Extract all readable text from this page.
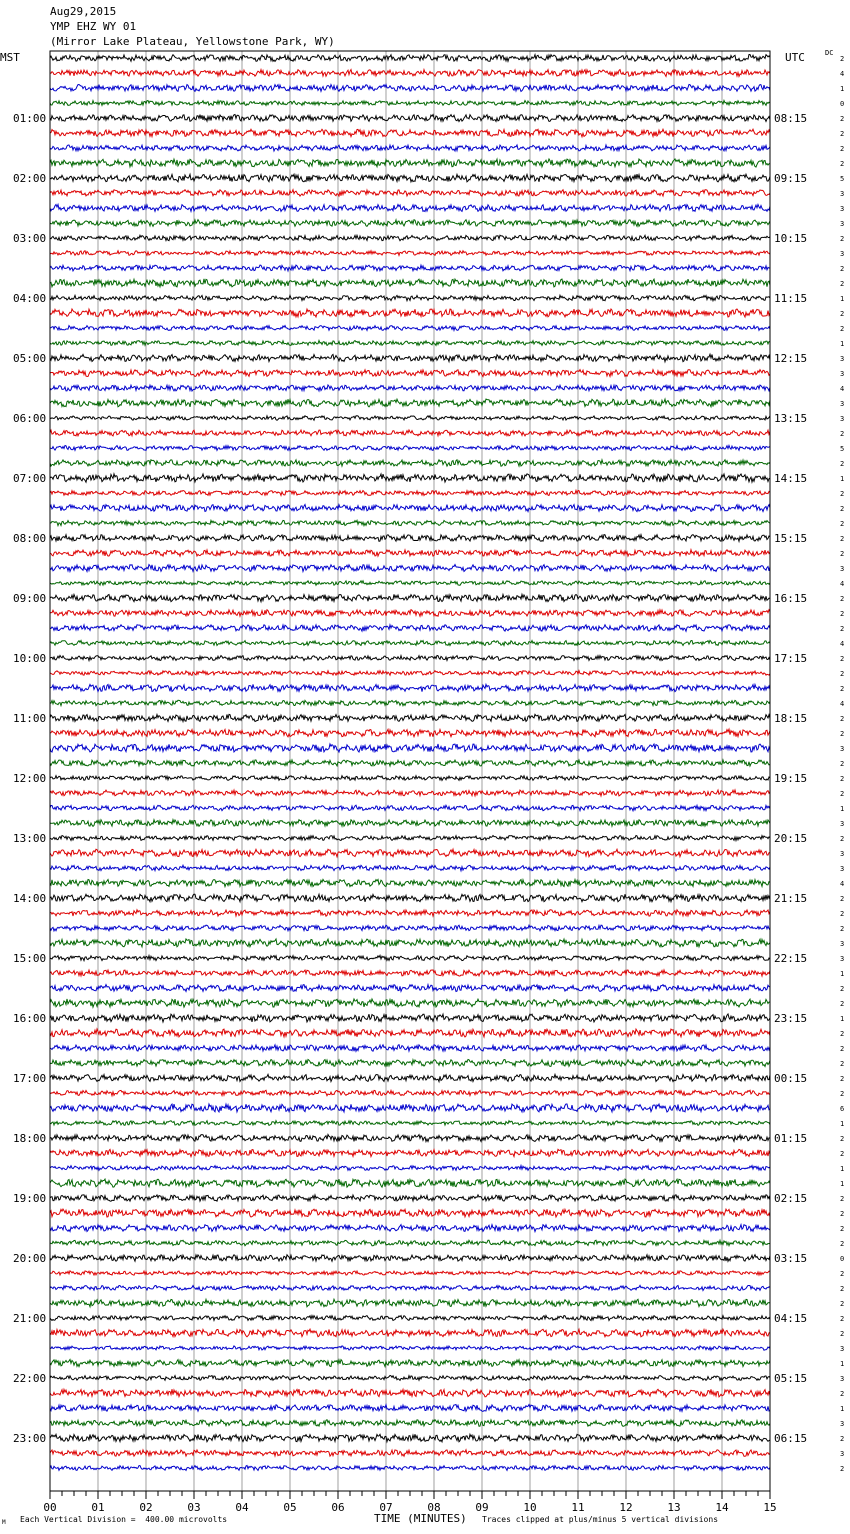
Aug29,2015
YMP EHZ WY 01
(Mirror Lake Plateau, Yellowstone Park, WY)
MST	UTC	DC
2
4
1
0
2
2
2
2
5
3
3
3
2
3
2
2
1
2
2
1
3
3
4
3
3
2
5
2
1
2
2
2
2
2
3
4
2
2
2
4
2
2
2
4
2
2
3
2
2
2
1
3
2
3
3
4
2
2
2
3
3
1
2
2
1
2
2
2
2
2
6
1
2
2
1
1
2
2
2
2
0
2
2
2
2
2
3
1
3
2
1
3
2
3
2
01:00
02:00
03:00
04:00
05:00
06:00
07:00
08:00
09:00
10:00
11:00
12:00
13:00
14:00
15:00
16:00
17:00
18:00
19:00
20:00
21:00
22:00
23:00
08:15
09:15
10:15
11:15
12:15
13:15
14:15
15:15
16:15
17:15
18:15
19:15
20:15
21:15
22:15
23:15
00:15
01:15
02:15
03:15
04:15
05:15
06:15
00	01	02	03	04	05	06	07	08	09	10	11	12	13	14	15
TIME (MINUTES)
M Each Vertical Division =  400.00 microvolts	Traces clipped at plus/minus 5 vertical divisions
